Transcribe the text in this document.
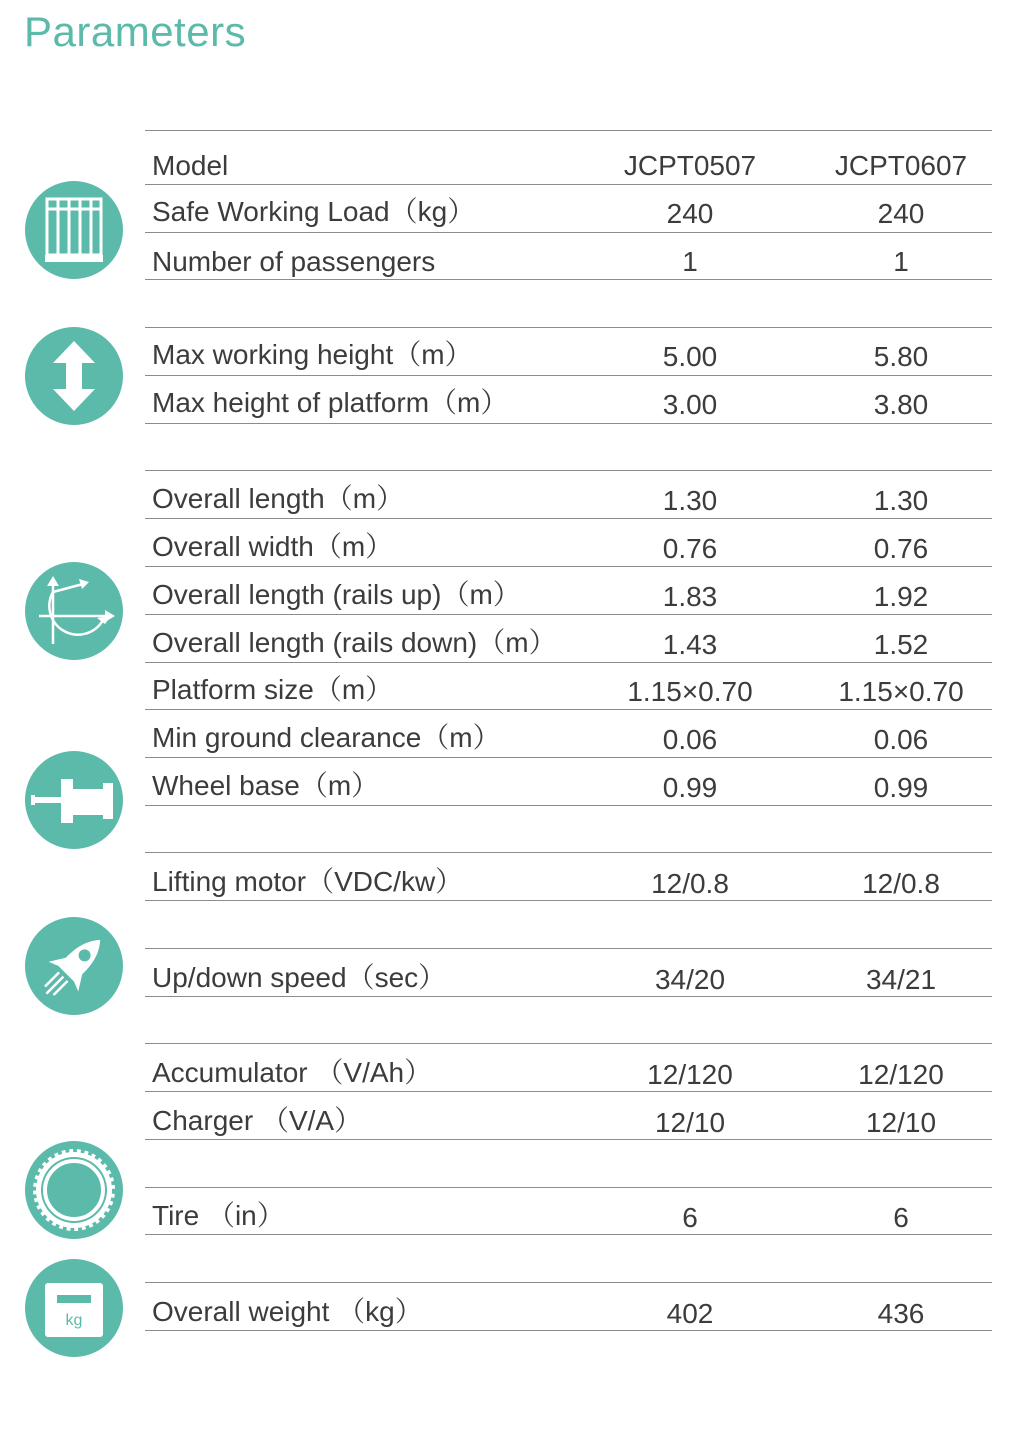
Parameters
Model	JCPT0507	JCPT0607
Safe Working Load（kg）	240	240
Number of passengers	1	1
Max working height（m）	5.00	5.80
Max height of platform（m）	3.00	3.80
Overall length（m）	1.30	1.30
Overall width（m）	0.76	0.76
Overall length (rails up)（m）	1.83	1.92
Overall length (rails down)（m）	1.43	1.52
Platform size（m）	1.15×0.70	1.15×0.70
Min ground clearance（m）	0.06	0.06
Wheel base（m）	0.99	0.99
Lifting motor（VDC/kw）	12/0.8	12/0.8
Up/down speed（sec）	34/20	34/21
Accumulator （V/Ah）	12/120	12/120
Charger （V/A）	12/10	12/10
Tire （in）	6	6
Overall weight （kg）	402	436
kg
